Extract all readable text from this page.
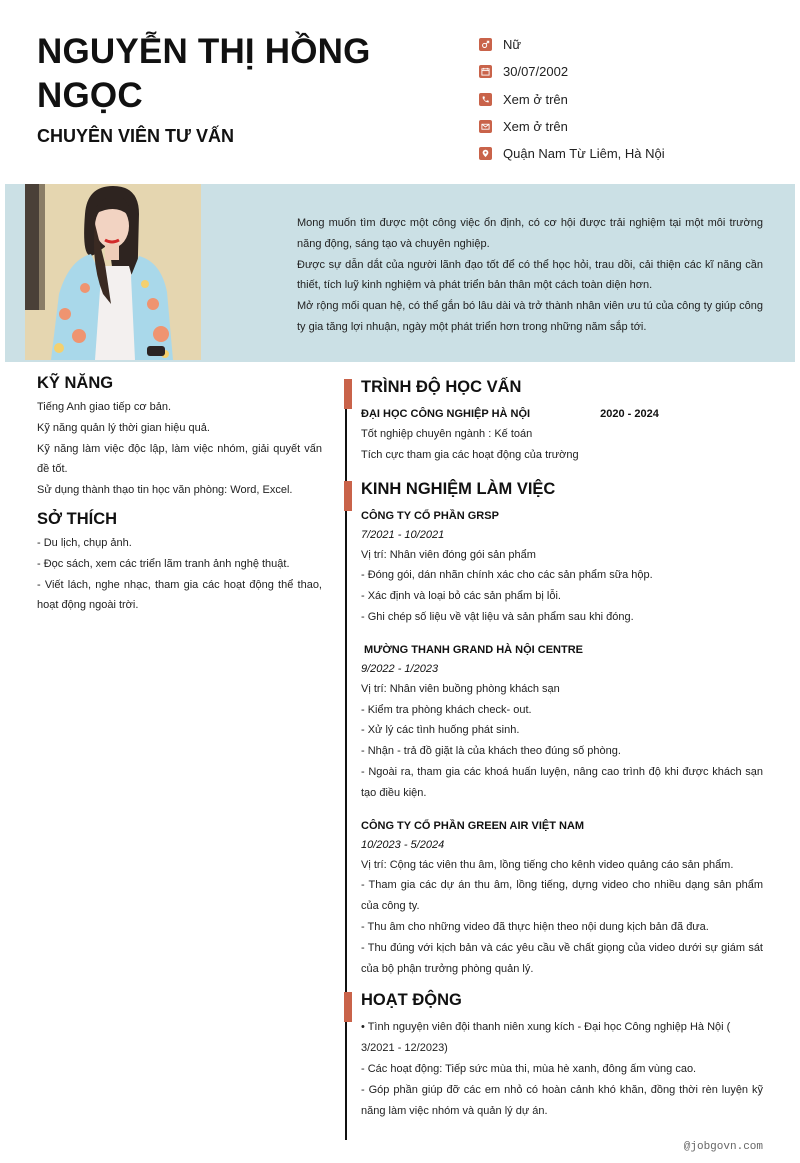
NGUYỄN THỊ HỒNG NGỌC
CHUYÊN VIÊN TƯ VẤN
Nữ
30/07/2002
Xem ở trên
Xem ở trên
Quận Nam Từ Liêm, Hà Nội
Mong muốn tìm được một công việc ổn định, có cơ hội được trải nghiệm tại một môi trường năng động, sáng tạo và chuyên nghiệp.
Được sự dẫn dắt của người lãnh đạo tốt để có thể học hỏi, trau dồi, cải thiện các kĩ năng cần thiết, tích luỹ kinh nghiệm và phát triển bản thân một cách toàn diện hơn.
Mở rộng mối quan hệ, có thể gắn bó lâu dài và trở thành nhân viên ưu tú của công ty giúp công ty gia tăng lợi nhuận, ngày một phát triển hơn trong những năm sắp tới.
KỸ NĂNG
Tiếng Anh giao tiếp cơ bản.
Kỹ năng quản lý thời gian hiệu quả.
Kỹ năng làm việc độc lập, làm việc nhóm, giải quyết vấn đề tốt.
Sử dụng thành thạo tin học văn phòng: Word, Excel.
SỞ THÍCH
- Du lịch, chụp ảnh.
- Đọc sách, xem các triển lãm tranh ảnh nghệ thuật.
- Viết lách, nghe nhạc, tham gia các hoạt động thể thao, hoạt động ngoài trời.
TRÌNH ĐỘ HỌC VẤN
ĐẠI HỌC CÔNG NGHIỆP HÀ NỘI	2020 - 2024
Tốt nghiệp chuyên ngành : Kế toán
Tích cực tham gia các hoạt động của trường
KINH NGHIỆM LÀM VIỆC
CÔNG TY CỔ PHẦN GRSP
7/2021 - 10/2021
Vị trí: Nhân viên đóng gói sản phẩm
- Đóng gói, dán nhãn chính xác cho các sản phẩm sữa hộp.
- Xác định và loại bỏ các sản phẩm bị lỗi.
- Ghi chép số liệu về vật liệu và sản phẩm sau khi đóng.
MƯỜNG THANH GRAND HÀ NỘI CENTRE
9/2022 - 1/2023
Vị trí: Nhân viên buồng phòng khách sạn
- Kiểm tra phòng khách check- out.
- Xử lý các tình huống phát sinh.
- Nhận - trả đồ giặt là của khách theo đúng số phòng.
- Ngoài ra, tham gia các khoá huấn luyện, nâng cao trình độ khi được khách sạn tạo điều kiện.
CÔNG TY CỔ PHẦN GREEN AIR VIỆT NAM
10/2023 - 5/2024
Vị trí: Cộng tác viên thu âm, lồng tiếng cho kênh video quảng cáo sản phẩm.
- Tham gia các dự án thu âm, lồng tiếng, dựng video cho nhiều dạng sản phẩm của công ty.
- Thu âm cho những video đã thực hiện theo nội dung kịch bản đã đưa.
- Thu đúng với kịch bản và các yêu cầu về chất giọng của video dưới sự giám sát của bộ phận trưởng phòng quản lý.
HOẠT ĐỘNG
• Tình nguyện viên đội thanh niên xung kích - Đại học Công nghiệp Hà Nội ( 3/2021 - 12/2023)
- Các hoạt động: Tiếp sức mùa thi, mùa hè xanh, đông ấm vùng cao.
- Góp phần giúp đỡ các em nhỏ có hoàn cảnh khó khăn, đồng thời rèn luyện kỹ năng làm việc nhóm và quản lý dự án.
@jobgovn.com
